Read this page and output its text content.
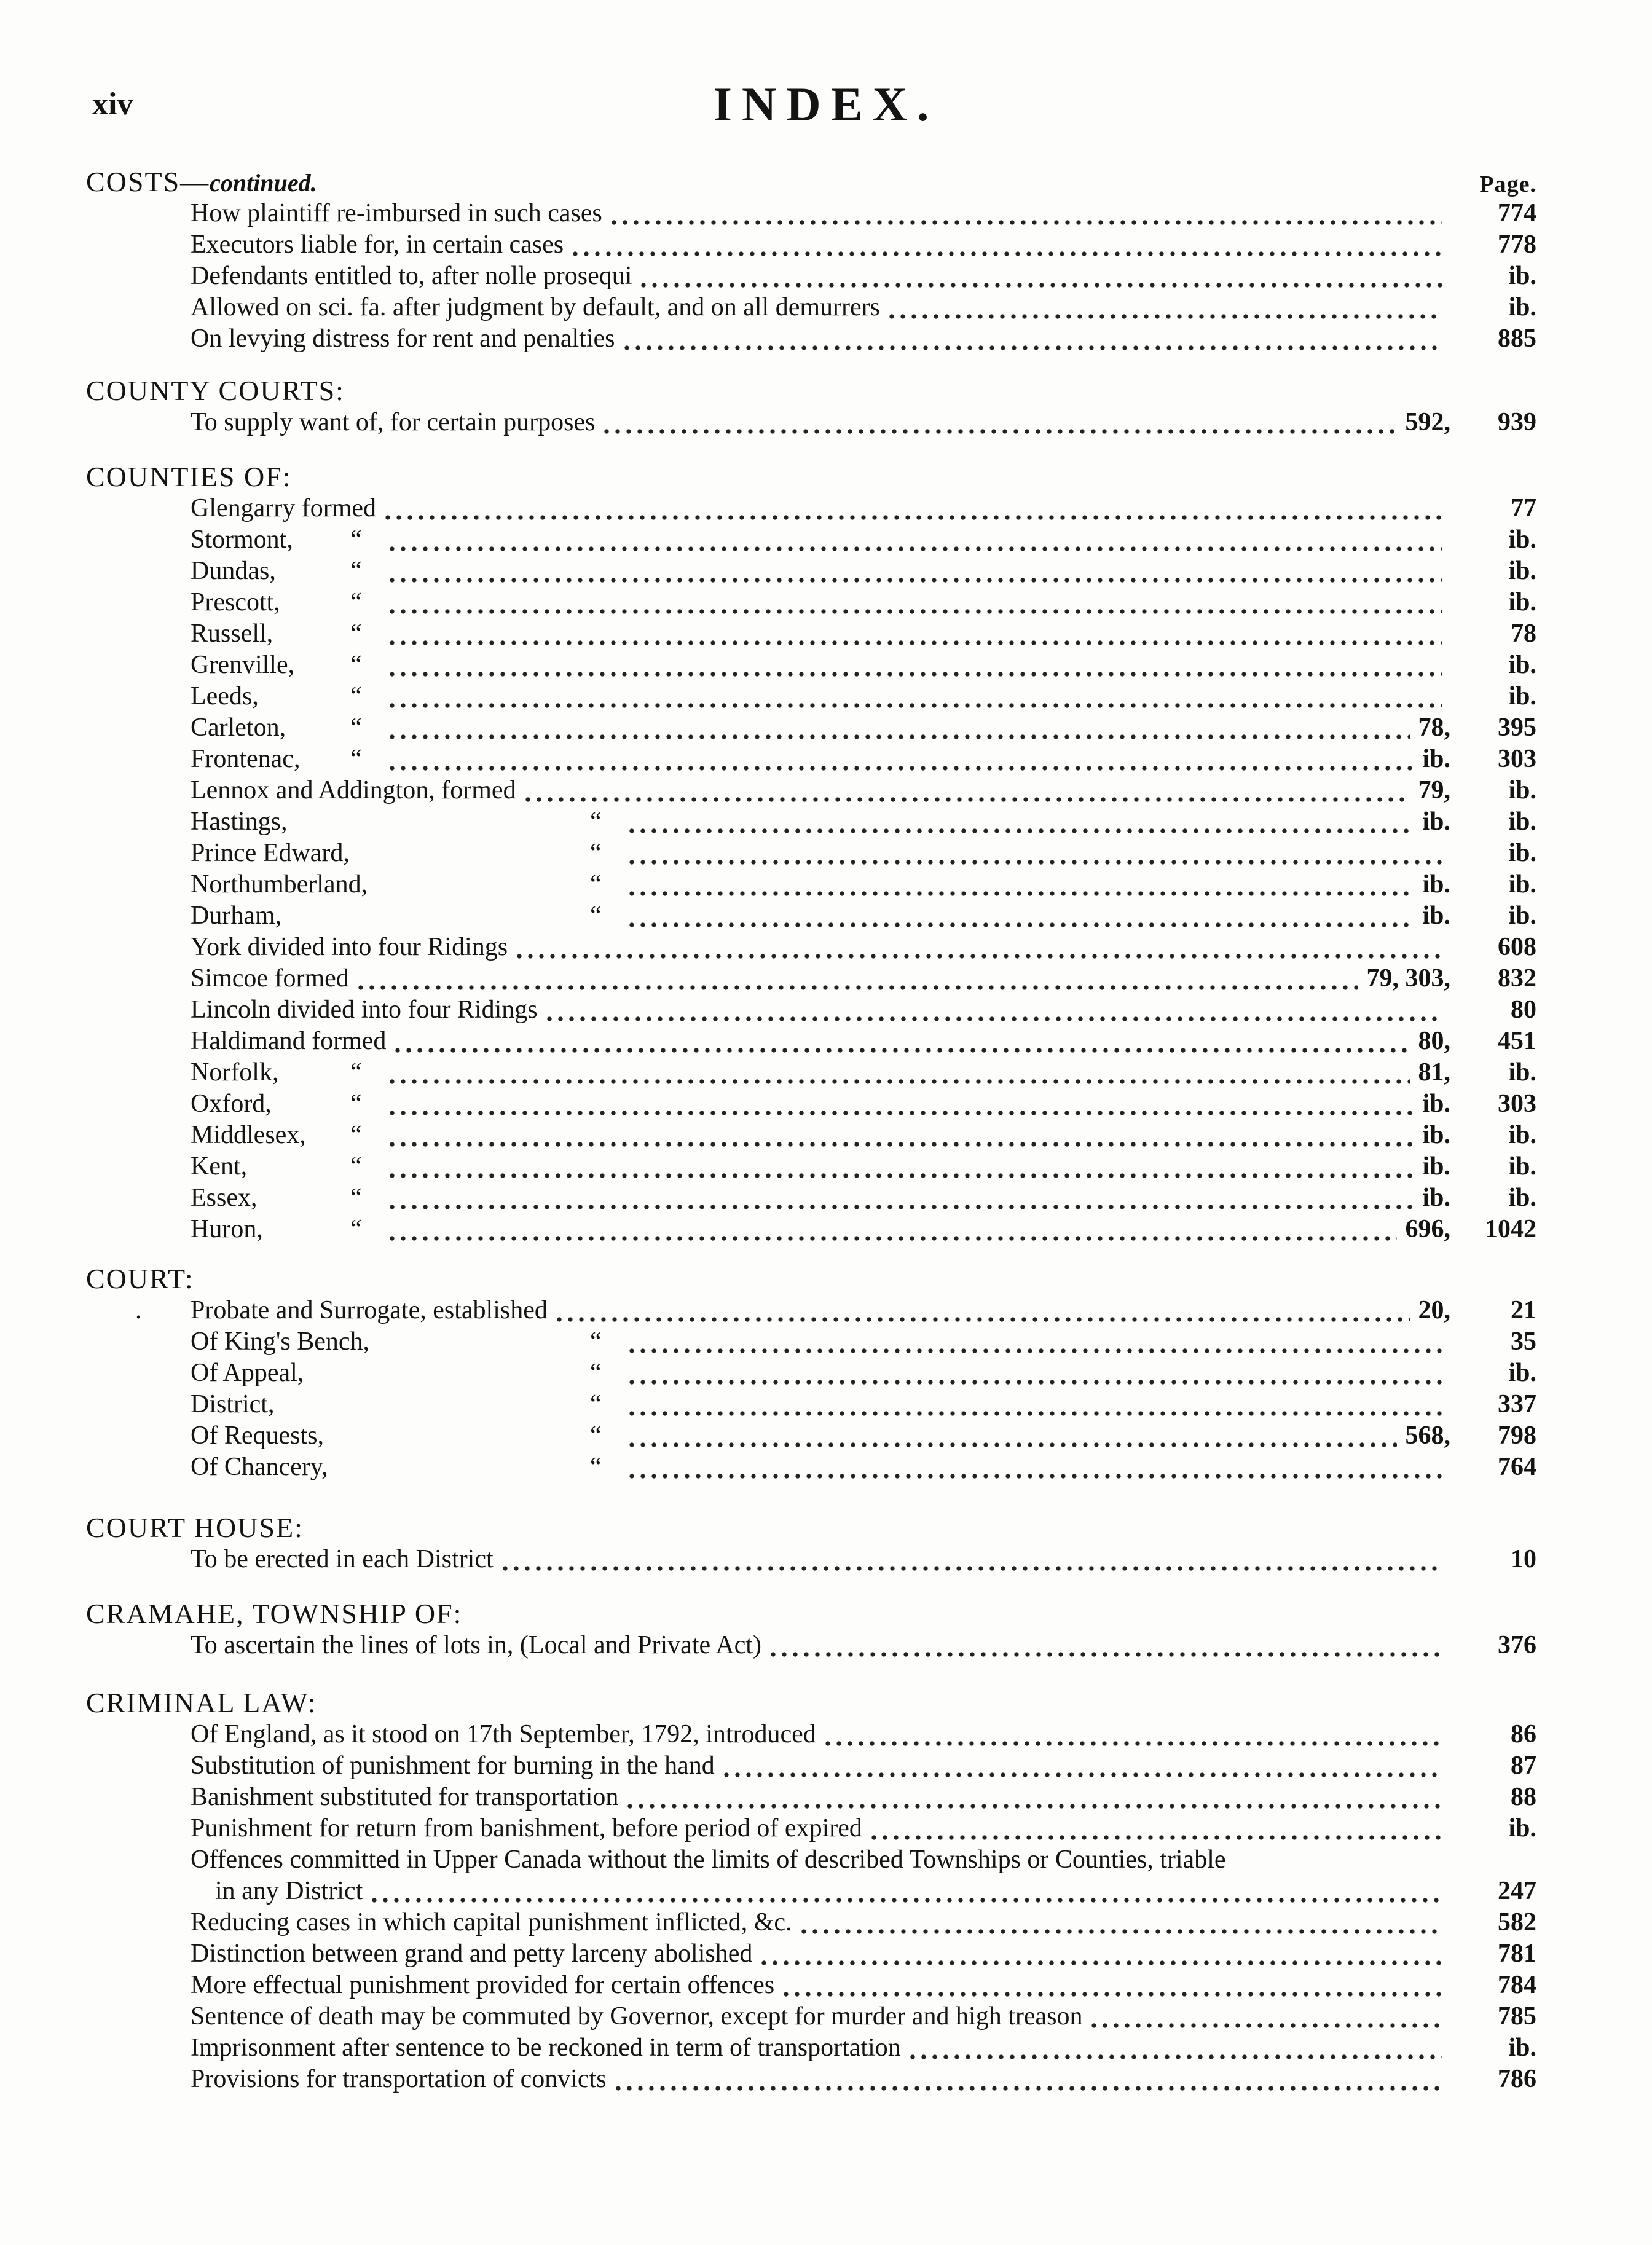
xiv	INDEX.
COSTS—continued.	Page.
How plaintiff re-imbursed in such cases	774
Executors liable for, in certain cases	778
Defendants entitled to, after nolle prosequi	ib.
Allowed on sci. fa. after judgment by default, and on all demurrers	ib.
On levying distress for rent and penalties	885
COUNTY COURTS:
To supply want of, for certain purposes	592, 939
COUNTIES OF:
Glengarry formed	77
Stormont, “	ib.
Dundas,	“	ib.
Prescott,	“	ib.
Russell,	“	78
Grenville, “	ib.
Leeds,	“	ib.
Carleton, “	78, 395
Frontenac, “	ib. 303
Lennox and Addington, formed	79, ib.
Hastings,	“	ib. ib.
Prince Edward,	“	ib.
Northumberland,	“	ib. ib.
Durham,	“	ib. ib.
York divided into four Ridings	608
Simcoe formed	79, 303, 832
Lincoln divided into four Ridings	80
Haldimand formed	80, 451
Norfolk,	“	81, ib.
Oxford,	“	ib. 303
Middlesex, “	ib. ib.
Kent,	“	ib. ib.
Essex,	“	ib. ib.
Huron,	“	696, 1042
COURT:
. Probate and Surrogate, established	20, 21
Of King's Bench,	“	35
Of Appeal,	“	ib.
District,	“	337
Of Requests,	“	568, 798
Of Chancery,	“	764
COURT HOUSE:
To be erected in each District	10
CRAMAHE, TOWNSHIP OF:
To ascertain the lines of lots in, (Local and Private Act)	376
CRIMINAL LAW:
Of England, as it stood on 17th September, 1792, introduced	86
Substitution of punishment for burning in the hand	87
Banishment substituted for transportation	88
Punishment for return from banishment, before period of expired	ib.
Offences committed in Upper Canada without the limits of described Townships or Counties, triable
in any District	247
Reducing cases in which capital punishment inflicted, &c.	582
Distinction between grand and petty larceny abolished	781
More effectual punishment provided for certain offences	784
Sentence of death may be commuted by Governor, except for murder and high treason	785
Imprisonment after sentence to be reckoned in term of transportation	ib.
Provisions for transportation of convicts	786
